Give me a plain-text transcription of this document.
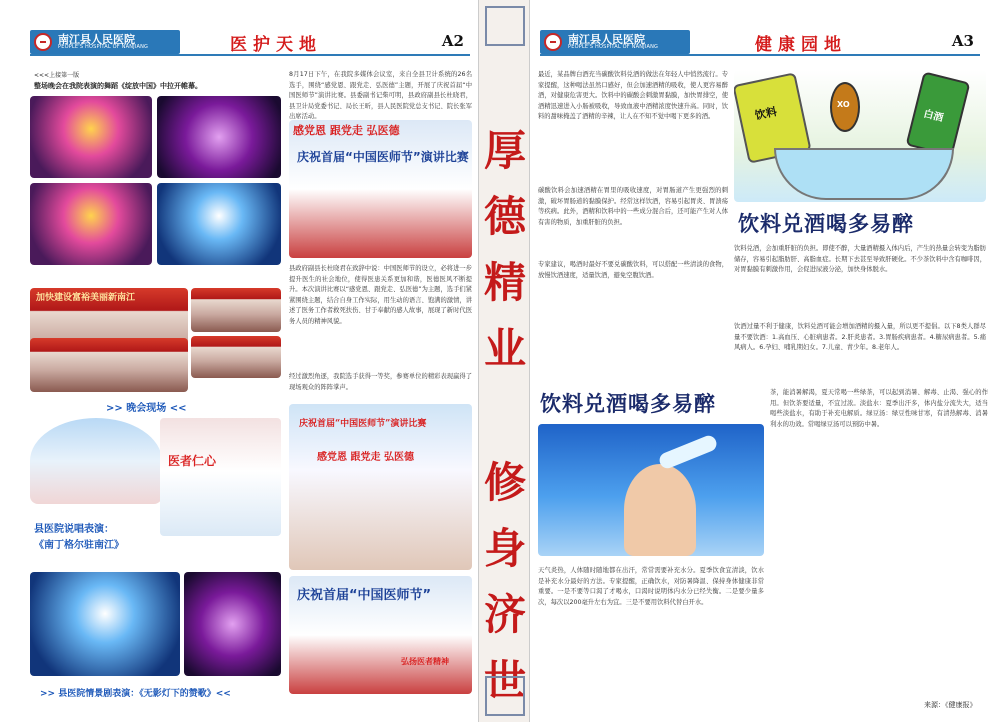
南江县人民医院
PEOPLE'S HOSPITAL OF NANJIANG	医护天地	A2
<<<上接第一版
整场晚会在我院表演的舞蹈《绽放中国》中拉开帷幕。
加快建设富裕美丽新南江
>> 晚会现场 <<
医者仁心
县医院说唱表演：
《南丁格尔驻南江》
>> 县医院情景剧表演：《无影灯下的赞歌》<<
8月17日下午，在我院多媒体会议室，来自全县卫计系统的26名选手，围绕“感党恩、跟党走、弘医德”主题，开展了庆祝首届“中国医师节”演讲比赛。县委副书记柴可明，县政府副县长杜晓君，县卫计局党委书记、局长王昕，县人民医院党总支书记、院长张军出席活动。
感党恩 跟党走 弘医德
庆祝首届“中国医师节”演讲比赛
县政府副县长杜晓君在致辞中说：中国医师节的设立，必将进一步提升医生的社会地位，使得医患关系更加和谐，医德医风不断提升。本次演讲比赛以“感党恩、跟党走、弘医德”为主题，选手们紧紧围绕主题，结合自身工作实际，用生动的语言、饱满的激情，讲述了医务工作者救死扶伤、甘于奉献的感人故事，展现了新时代医务人员的精神风貌。
经过激烈角逐，我院选手获得一等奖，参赛单位的精彩表现赢得了现场观众的阵阵掌声。
庆祝首届“中国医师节”演讲比赛
感党恩 跟党走 弘医德
庆祝首届“中国医师节”
弘扬医者精神
厚
德
精
业
修
身
济
世
南江县人民医院
PEOPLE'S HOSPITAL OF NANJIANG	健康园地	A3
最近，某品牌白酒充当碳酸饮料兑酒的做法在年轻人中悄然流行。专家提醒，这种喝法虽然口感好，但会加速酒精的吸收，使人更容易醉酒，对健康危害更大。饮料中的碳酸会刺激胃黏膜，加快胃排空，使酒精迅速进入小肠被吸收，导致血液中酒精浓度快速升高。同时，饮料的甜味掩盖了酒精的辛辣，让人在不知不觉中喝下更多的酒。
碳酸饮料会加速酒精在胃里的吸收速度，对胃肠道产生更强烈的刺激，破坏胃肠道的黏膜保护。经常这样饮酒，容易引起胃炎、胃溃疡等疾病。此外，酒精和饮料中的一些成分混合后，还可能产生对人体有害的物质，加重肝脏的负担。
专家建议，喝酒时最好不要兑碳酸饮料，可以搭配一些清淡的食物，放慢饮酒速度，适量饮酒，避免空腹饮酒。
饮料
XO
白酒
饮料兑酒喝多易醉
饮料兑酒，会加重肝脏的负担。即使不醉，大量酒精摄入体内后，产生的热量会转变为脂肪储存，容易引起脂肪肝、高脂血症。长期下去甚至导致肝硬化。不少茶饮料中含有咖啡因，对胃黏膜有刺激作用，会促进尿液分泌，加快身体脱水。
饮酒过量不利于健康，饮料兑酒可能会增加酒精的摄入量，所以更不提倡。以下8类人群尽量不要饮酒：1.高血压、心脏病患者。2.肝炎患者。3.胃肠疾病患者。4.糖尿病患者。5.痛风病人。6.孕妇、哺乳期妇女。7.儿童、青少年。8.老年人。
饮料兑酒喝多易醉
天气炎热，人体随时随地都在出汗，常常需要补充水分。夏季饮食宜清淡，饮水是补充水分最好的方法。专家提醒，正确饮水，对防暑降温、保持身体健康非常重要。一是不要等口渴了才喝水，口渴时说明体内水分已经失衡。二是要少量多次，每次以200毫升左右为宜。三是不要用饮料代替白开水。
茶，能消暑解渴，夏天常喝一些绿茶，可以起到消暑、解毒、止渴、强心的作用。但饮茶要适量，不宜过浓。淡盐水：夏季出汗多，体内盐分流失大，适当喝些淡盐水，有助于补充电解质。绿豆汤：绿豆性味甘寒，有清热解毒、消暑利水的功效。常喝绿豆汤可以预防中暑。
来源：《健康报》
